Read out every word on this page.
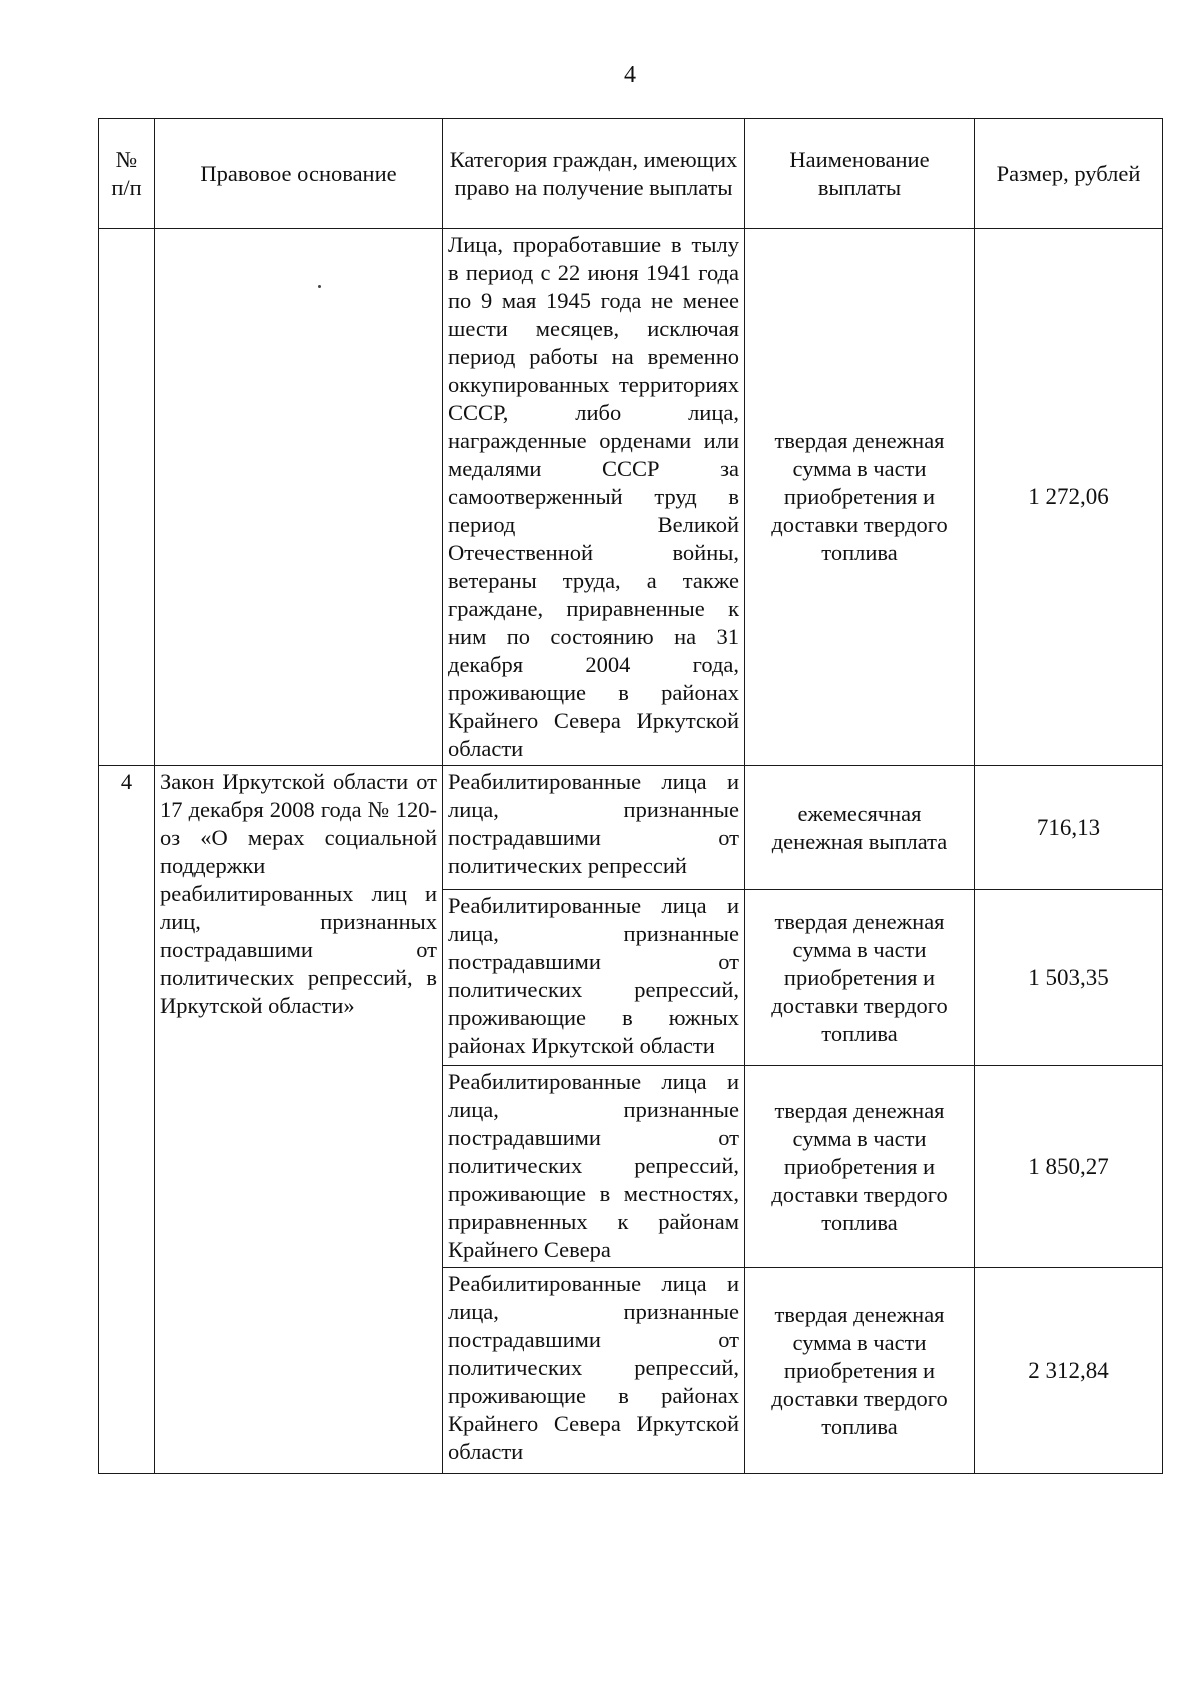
4
№ п/п	Правовое основание	Категория граждан, имеющих право на получение выплаты	Наименование выплаты	Размер, рублей
		Лица, проработавшие в тылу в период с 22 июня 1941 года по 9 мая 1945 года не менее шести месяцев, исключая период работы на временно оккупированных территориях СССР, либо лица, награжденные орденами или медалями СССР за самоотверженный труд в период Великой Отечественной войны, ветераны труда, а также граждане, приравненные к ним по состоянию на 31 декабря 2004 года, проживающие в районах Крайнего Севера Иркутской области	твердая денежная сумма в части приобретения и доставки твердого топлива	1 272,06
4	Закон Иркутской области от 17 декабря 2008 года № 120-оз «О мерах социальной поддержки реабилитированных лиц и лиц, признанных пострадавшими от политических репрессий, в Иркутской области»	Реабилитированные лица и лица, признанные пострадавшими от политических репрессий	ежемесячная денежная выплата	716,13
		Реабилитированные лица и лица, признанные пострадавшими от политических репрессий, проживающие в южных районах Иркутской области	твердая денежная сумма в части приобретения и доставки твердого топлива	1 503,35
		Реабилитированные лица и лица, признанные пострадавшими от политических репрессий, проживающие в местностях, приравненных к районам Крайнего Севера	твердая денежная сумма в части приобретения и доставки твердого топлива	1 850,27
		Реабилитированные лица и лица, признанные пострадавшими от политических репрессий, проживающие в районах Крайнего Севера Иркутской области	твердая денежная сумма в части приобретения и доставки твердого топлива	2 312,84
